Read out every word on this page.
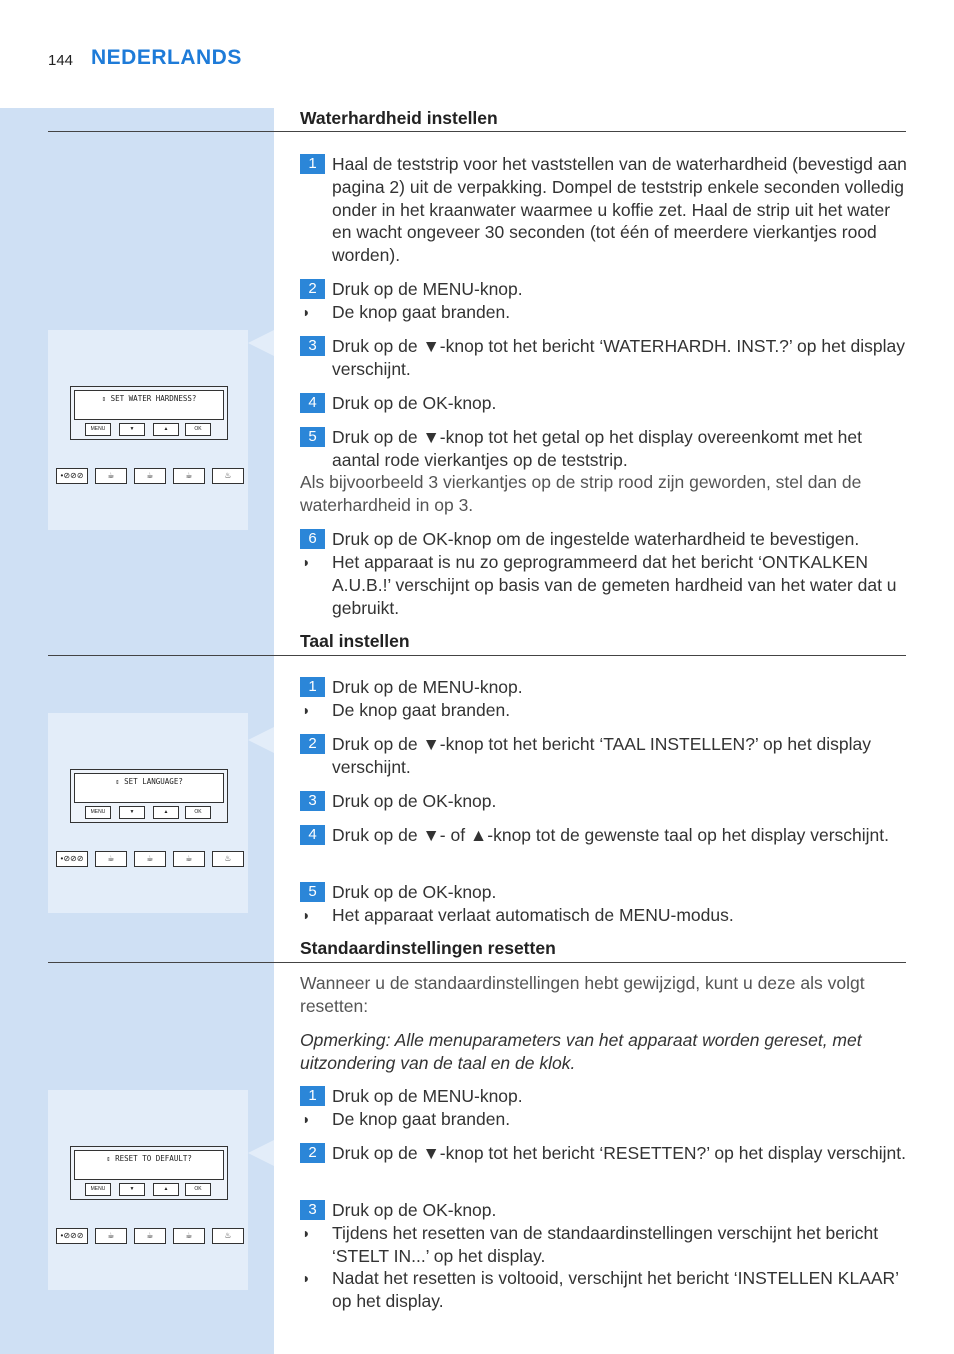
144 NEDERLANDS
Waterhardheid instellen
⇕ SET WATER HARDNESS?
MENU	▼	▲	OK
•⊘⊘⊘	☕	☕	☕	♨
1 Haal de teststrip voor het vaststellen van de waterhardheid (bevestigd aan pagina 2) uit de verpakking. Dompel de teststrip enkele seconden volledig onder in het kraanwater waarmee u koffie zet. Haal de strip uit het water en wacht ongeveer 30 seconden (tot één of meerdere vierkantjes rood worden).
2 Druk op de MENU-knop.
◗ De knop gaat branden.
3 Druk op de ▼-knop tot het bericht ‘WATERHARDH. INST.?’ op het display verschijnt.
4 Druk op de OK-knop.
5 Druk op de ▼-knop tot het getal op het display overeenkomt met het aantal rode vierkantjes op de teststrip.
Als bijvoorbeeld 3 vierkantjes op de strip rood zijn geworden, stel dan de waterhardheid in op 3.
6 Druk op de OK-knop om de ingestelde waterhardheid te bevestigen.
◗ Het apparaat is nu zo geprogrammeerd dat het bericht ‘ONTKALKEN A.U.B.!’ verschijnt op basis van de gemeten hardheid van het water dat u gebruikt.
Taal instellen
⇕ SET LANGUAGE?
MENU	▼	▲	OK
•⊘⊘⊘	☕	☕	☕	♨
1 Druk op de MENU-knop.
◗ De knop gaat branden.
2 Druk op de ▼-knop tot het bericht ‘TAAL INSTELLEN?’ op het display verschijnt.
3 Druk op de OK-knop.
4 Druk op de ▼- of ▲-knop tot de gewenste taal op het display verschijnt.
5 Druk op de OK-knop.
◗ Het apparaat verlaat automatisch de MENU-modus.
Standaardinstellingen resetten
⇕ RESET TO DEFAULT?
MENU	▼	▲	OK
•⊘⊘⊘	☕	☕	☕	♨
Wanneer u de standaardinstellingen hebt gewijzigd, kunt u deze als volgt resetten:
Opmerking: Alle menuparameters van het apparaat worden gereset, met uitzondering van de taal en de klok.
1 Druk op de MENU-knop.
◗ De knop gaat branden.
2 Druk op de ▼-knop tot het bericht ‘RESETTEN?’ op het display verschijnt.
3 Druk op de OK-knop.
◗ Tijdens het resetten van de standaardinstellingen verschijnt het bericht ‘STELT IN...’ op het display.
◗ Nadat het resetten is voltooid, verschijnt het bericht ‘INSTELLEN KLAAR’ op het display.
